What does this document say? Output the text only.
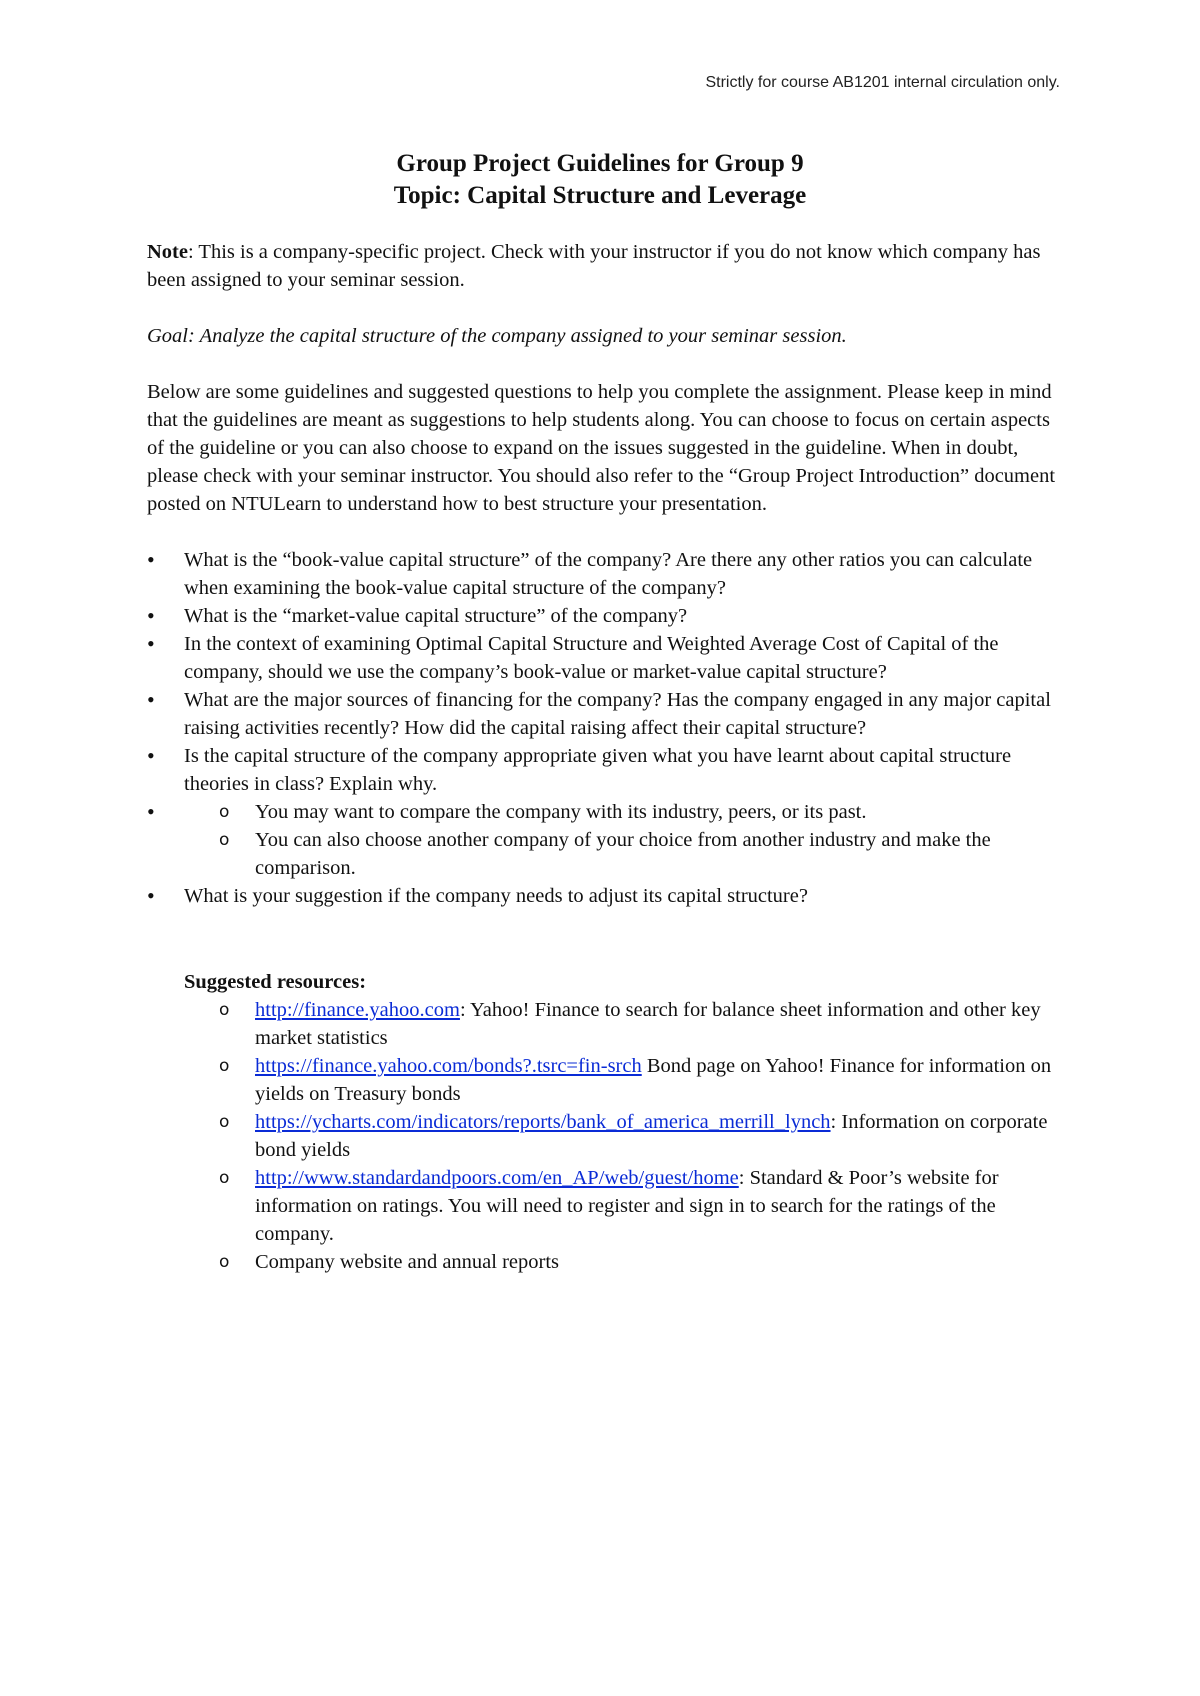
Strictly for course AB1201 internal circulation only.
Group Project Guidelines for Group 9
Topic: Capital Structure and Leverage

Note: This is a company-specific project. Check with your instructor if you do not know which company has been assigned to your seminar session.

Goal: Analyze the capital structure of the company assigned to your seminar session.

Below are some guidelines and suggested questions to help you complete the assignment. Please keep in mind that the guidelines are meant as suggestions to help students along. You can choose to focus on certain aspects of the guideline or you can also choose to expand on the issues suggested in the guideline. When in doubt, please check with your seminar instructor. You should also refer to the “Group Project Introduction” document posted on NTULearn to understand how to best structure your presentation.

• What is the “book-value capital structure” of the company? Are there any other ratios you can calculate when examining the book-value capital structure of the company?
• What is the “market-value capital structure” of the company?
• In the context of examining Optimal Capital Structure and Weighted Average Cost of Capital of the company, should we use the company’s book-value or market-value capital structure?
• What are the major sources of financing for the company? Has the company engaged in any major capital raising activities recently? How did the capital raising affect their capital structure?
• Is the capital structure of the company appropriate given what you have learnt about capital structure theories in class? Explain why.
o • You may want to compare the company with its industry, peers, or its past.
o You can also choose another company of your choice from another industry and make the comparison.
• What is your suggestion if the company needs to adjust its capital structure?
Suggested resources:
o http://finance.yahoo.com: Yahoo! Finance to search for balance sheet information and other key market statistics
o https://finance.yahoo.com/bonds?.tsrc=fin-srch Bond page on Yahoo! Finance for information on yields on Treasury bonds
o https://ycharts.com/indicators/reports/bank_of_america_merrill_lynch: Information on corporate bond yields
o http://www.standardandpoors.com/en_AP/web/guest/home: Standard & Poor’s website for information on ratings. You will need to register and sign in to search for the ratings of the company.
o Company website and annual reports
